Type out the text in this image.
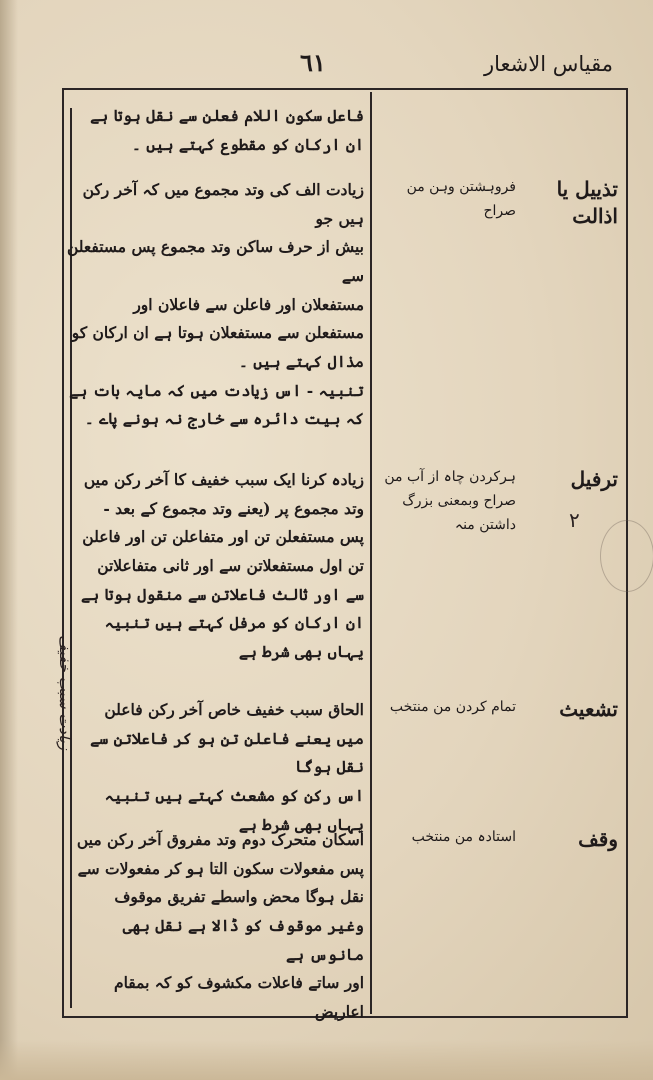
٦١	مقیاس الاشعار

فاعل سکون اللام فعلن سے نقل ہوتا ہے

ان ارکان کو مقطوع کہتے ہیں ۔

تذییل یا اذالت
فروہشتن وہن من صراح

زیادت الف کی وتد مجموع میں کہ آخر رکن ہیں جو

بیش از حرف ساکن وتد مجموع پس مستفعلن سے

مستفعلان اور فاعلن سے فاعلان اور

مستفعلن سے مستفعلان ہوتا ہے ان ارکان کو

مذال کہتے ہیں ۔

تنبیہ - اس زیادت میں کہ مایہ بات ہے

کہ بیت دائرہ سے خارج نہ ہونے پاے ۔

ترفیل
ہرکردن چاہ از آب من صراح وبمعنی بزرگ داشتن منہ

زیادہ کرنا ایک سبب خفیف کا آخر رکن میں

وتد مجموع پر (یعنے وتد مجموع کے بعد -

پس مستفعلن تن اور متفاعلن تن اور فاعلن

تن اول مستفعلاتن سے اور ثانی متفاعلاتن

سے اور ثالث فاعلاتن سے منقول ہوتا ہے

ان ارکان کو مرفل کہتے ہیں تنبیہ یہاں بھی شرط ہے

تشعیث
تمام کردن من منتخب

الحاق سبب خفیف خاص آخر رکن فاعلن

میں یعنے فاعلن تن ہو کر فاعلاتن سے نقل ہوگا

اس رکن کو مشعث کہتے ہیں تنبیہ یہاں بھی شرط ہے

وقف
استادہ من منتخب

اسکان متحرک دوم وتد مفروق آخر رکن میں

پس مفعولات سکون التا ہو کر مفعولات سے

نقل ہوگا محض واسطے تفریق موقوف

وغیر موقوف کو ڈالا ہے نقل بھی مانوس ہے

اور ساتے فاعلات مکشوف کو کہ بمقام اعاریض

زیادت سبب خفیف
۲
